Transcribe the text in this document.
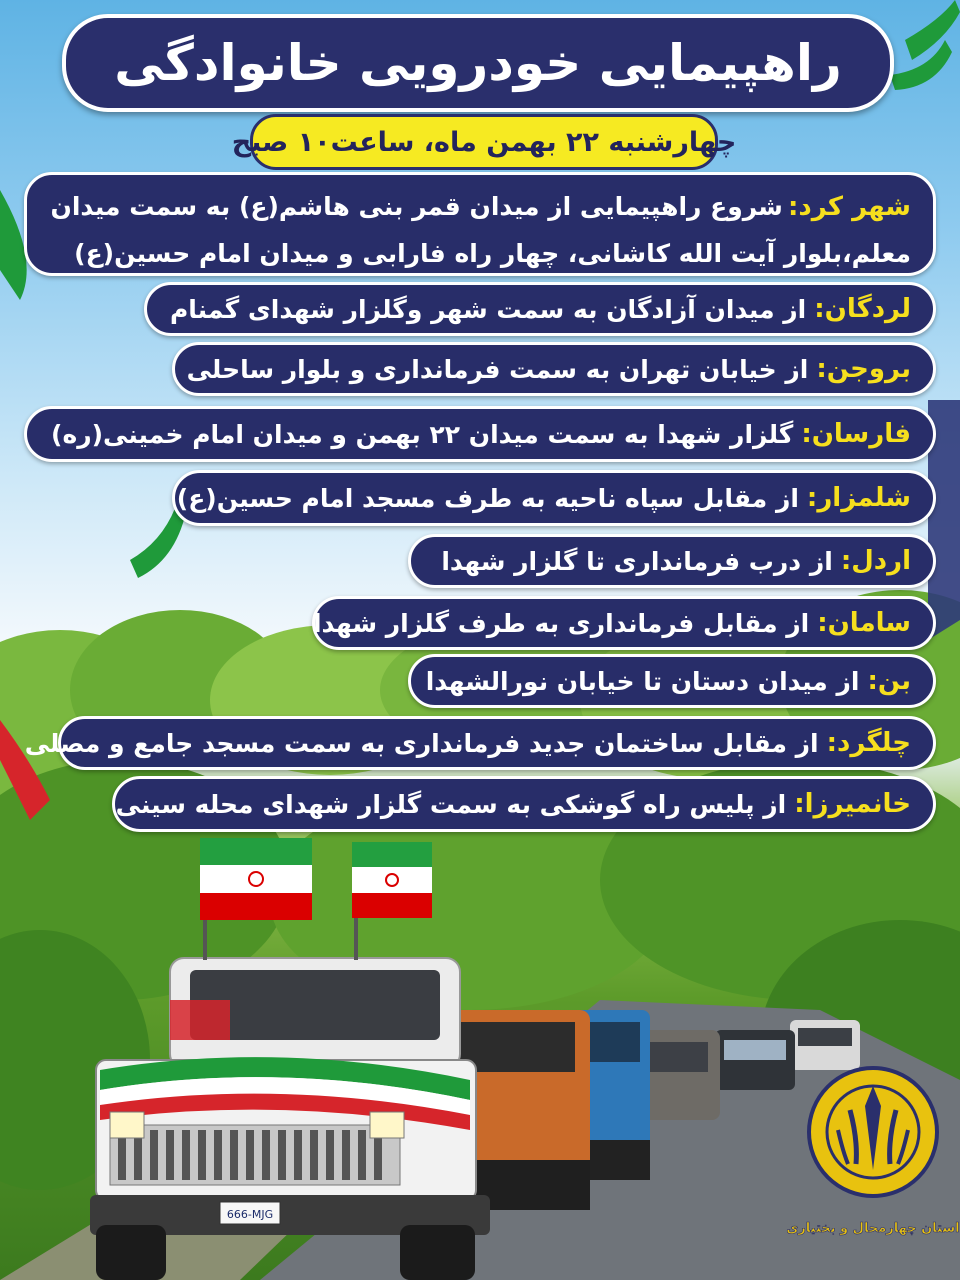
666-MJG
راهپیمایی خودرویی خانوادگی
چهارشنبه ۲۲ بهمن ماه، ساعت۱۰ صبح
شهر کرد: شروع راهپیمایی از میدان قمر بنی هاشم(ع) به سمت میدان
معلم،بلوار آیت الله کاشانی، چهار راه فارابی و میدان امام حسین(ع)
لردگان:
از میدان آزادگان به سمت شهر وگلزار شهدای گمنام
بروجن:
از خیابان تهران به سمت فرمانداری و بلوار ساحلی
فارسان:
گلزار شهدا به سمت میدان ۲۲ بهمن و میدان امام خمینی(ره)
شلمزار:
از مقابل سپاه ناحیه به طرف مسجد امام حسین(ع)
اردل:
از درب فرمانداری تا گلزار شهدا
سامان:
از مقابل فرمانداری به طرف گلزار شهدا
بن:
از میدان دستان تا خیابان نورالشهدا
چلگرد:
از مقابل ساختمان جدید فرمانداری به سمت مسجد جامع و مصلی
خانمیرزا:
از پلیس راه گوشکی به سمت گلزار شهدای محله سینی
استان چهارمحال و بختیاری
